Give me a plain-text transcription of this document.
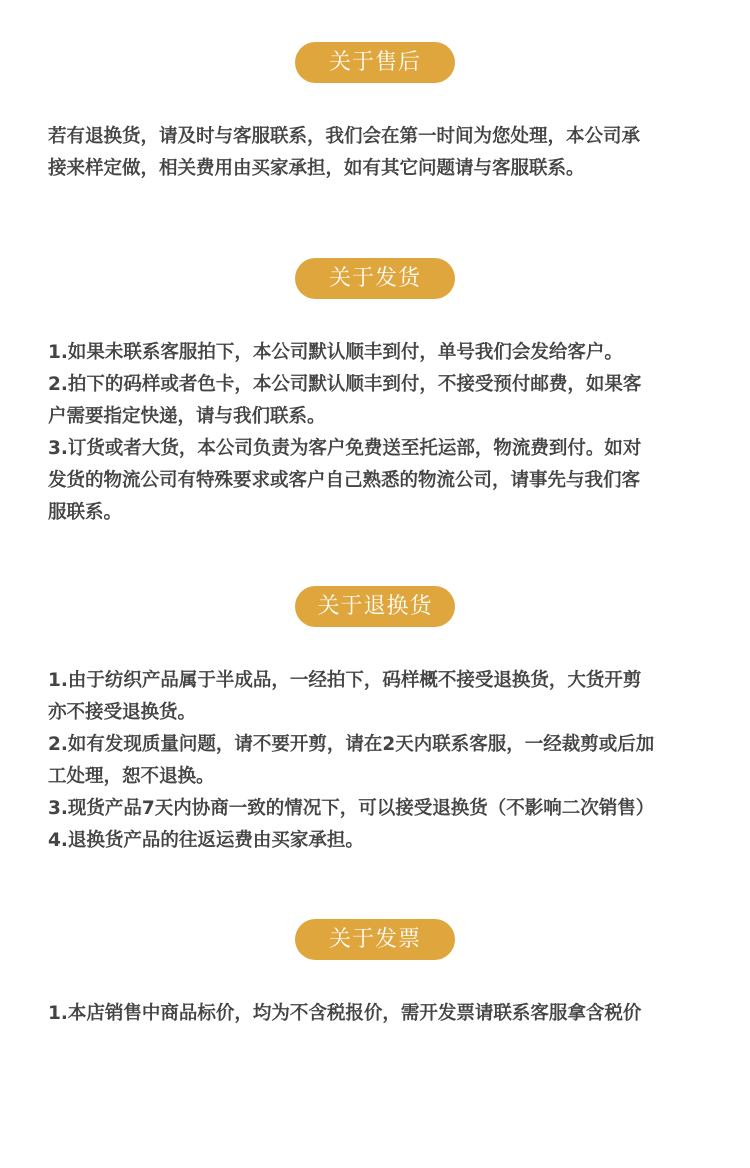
关于售后
若有退换货，请及时与客服联系，我们会在第一时间为您处理，本公司承
接来样定做，相关费用由买家承担，如有其它问题请与客服联系。
关于发货
1.如果未联系客服拍下，本公司默认顺丰到付，单号我们会发给客户。
2.拍下的码样或者色卡，本公司默认顺丰到付，不接受预付邮费，如果客
户需要指定快递，请与我们联系。
3.订货或者大货，本公司负责为客户免费送至托运部，物流费到付。如对
发货的物流公司有特殊要求或客户自己熟悉的物流公司，请事先与我们客
服联系。
关于退换货
1.由于纺织产品属于半成品，一经拍下，码样概不接受退换货，大货开剪
亦不接受退换货。
2.如有发现质量问题，请不要开剪，请在2天内联系客服，一经裁剪或后加
工处理，恕不退换。
3.现货产品7天内协商一致的情况下，可以接受退换货（不影响二次销售）
4.退换货产品的往返运费由买家承担。
关于发票
1.本店销售中商品标价，均为不含税报价，需开发票请联系客服拿含税价
